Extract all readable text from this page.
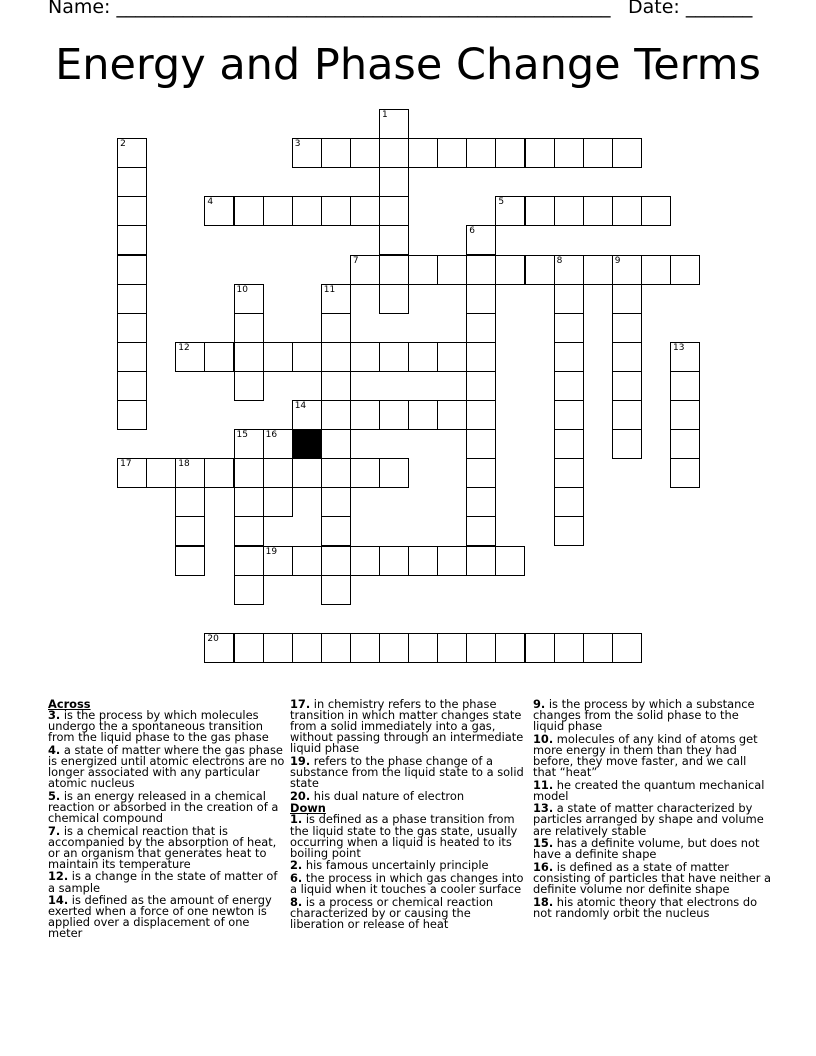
Name: ____________________________________________________ Date: _______
Energy and Phase Change Terms
1
2	3
4	5
6
7	8	9
10	11
12	13
14
15 16
17	18
19
20
Across
3. is the process by which molecules undergo the a spontaneous transition from the liquid phase to the gas phase
4. a state of matter where the gas phase is energized until atomic electrons are no longer associated with any particular atomic nucleus
5. is an energy released in a chemical reaction or absorbed in the creation of a chemical compound
7. is a chemical reaction that is accompanied by the absorption of heat, or an organism that generates heat to maintain its temperature
12. is a change in the state of matter of a sample
14. is defined as the amount of energy exerted when a force of one newton is applied over a displacement of one meter
17. in chemistry refers to the phase transition in which matter changes state from a solid immediately into a gas, without passing through an intermediate liquid phase
19. refers to the phase change of a substance from the liquid state to a solid state
20. his dual nature of electron
Down
1. is defined as a phase transition from the liquid state to the gas state, usually occurring when a liquid is heated to its boiling point
2. his famous uncertainly principle
6. the process in which gas changes into a liquid when it touches a cooler surface
8. is a process or chemical reaction characterized by or causing the liberation or release of heat
9. is the process by which a substance changes from the solid phase to the liquid phase
10. molecules of any kind of atoms get more energy in them than they had before, they move faster, and we call that “heat”
11. he created the quantum mechanical model
13. a state of matter characterized by particles arranged by shape and volume are relatively stable
15. has a definite volume, but does not have a definite shape
16. is defined as a state of matter consisting of particles that have neither a definite volume nor definite shape
18. his atomic theory that electrons do not randomly orbit the nucleus
